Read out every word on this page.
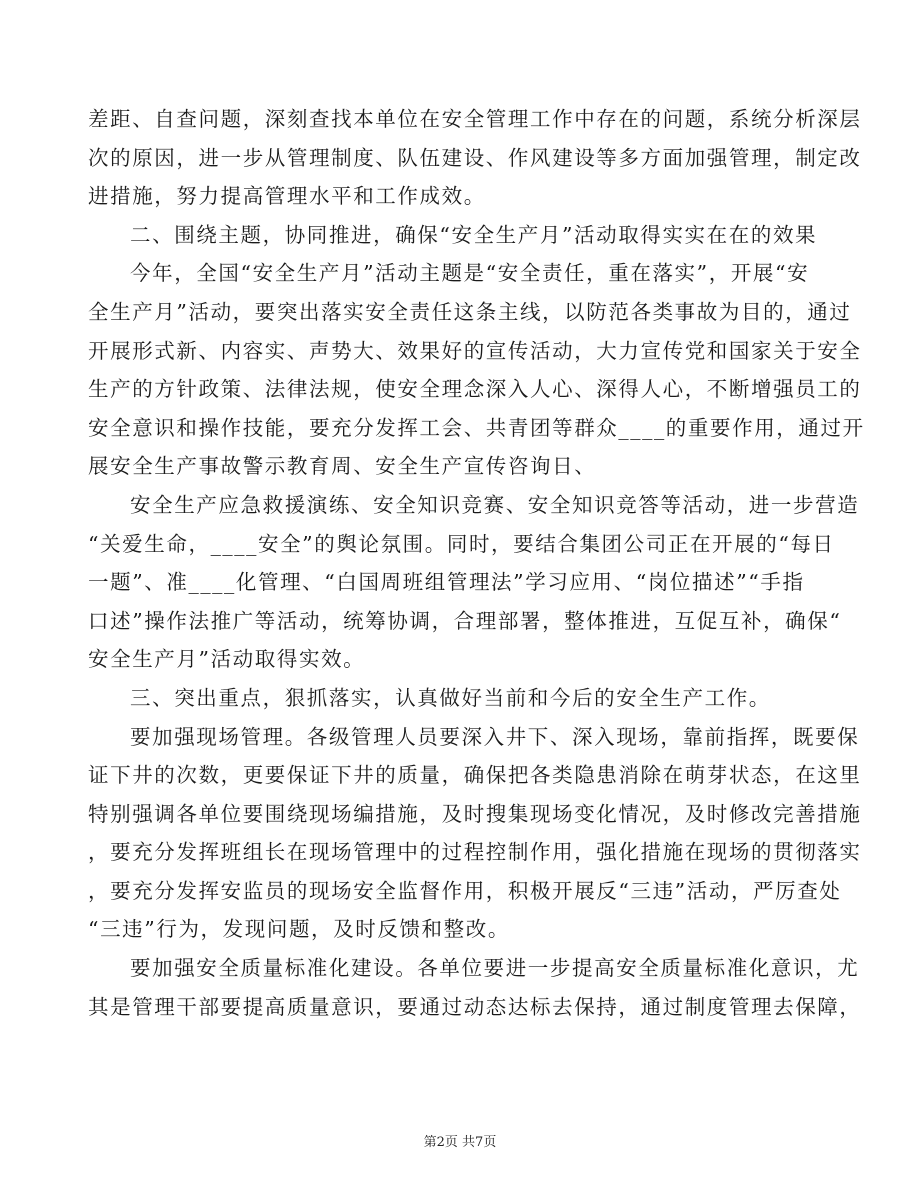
差距、自查问题，深刻查找本单位在安全管理工作中存在的问题，系统分析深层
次的原因，进一步从管理制度、队伍建设、作风建设等多方面加强管理，制定改
进措施，努力提高管理水平和工作成效。
二、围绕主题，协同推进，确保“安全生产月”活动取得实实在在的效果
今年，全国“安全生产月”活动主题是“安全责任，重在落实”，开展“安
全生产月”活动，要突出落实安全责任这条主线，以防范各类事故为目的，通过
开展形式新、内容实、声势大、效果好的宣传活动，大力宣传党和国家关于安全
生产的方针政策、法律法规，使安全理念深入人心、深得人心，不断增强员工的
安全意识和操作技能，要充分发挥工会、共青团等群众____的重要作用，通过开
展安全生产事故警示教育周、安全生产宣传咨询日、
安全生产应急救援演练、安全知识竞赛、安全知识竞答等活动，进一步营造
“关爱生命，____安全”的舆论氛围。同时，要结合集团公司正在开展的“每日
一题”、准____化管理、“白国周班组管理法”学习应用、“岗位描述”“手指
口述”操作法推广等活动，统筹协调，合理部署，整体推进，互促互补，确保“
安全生产月”活动取得实效。
三、突出重点，狠抓落实，认真做好当前和今后的安全生产工作。
要加强现场管理。各级管理人员要深入井下、深入现场，靠前指挥，既要保
证下井的次数，更要保证下井的质量，确保把各类隐患消除在萌芽状态，在这里
特别强调各单位要围绕现场编措施，及时搜集现场变化情况，及时修改完善措施
，要充分发挥班组长在现场管理中的过程控制作用，强化措施在现场的贯彻落实
，要充分发挥安监员的现场安全监督作用，积极开展反“三违”活动，严厉查处
“三违”行为，发现问题，及时反馈和整改。
要加强安全质量标准化建设。各单位要进一步提高安全质量标准化意识，尤
其是管理干部要提高质量意识，要通过动态达标去保持，通过制度管理去保障，
第2页 共7页
